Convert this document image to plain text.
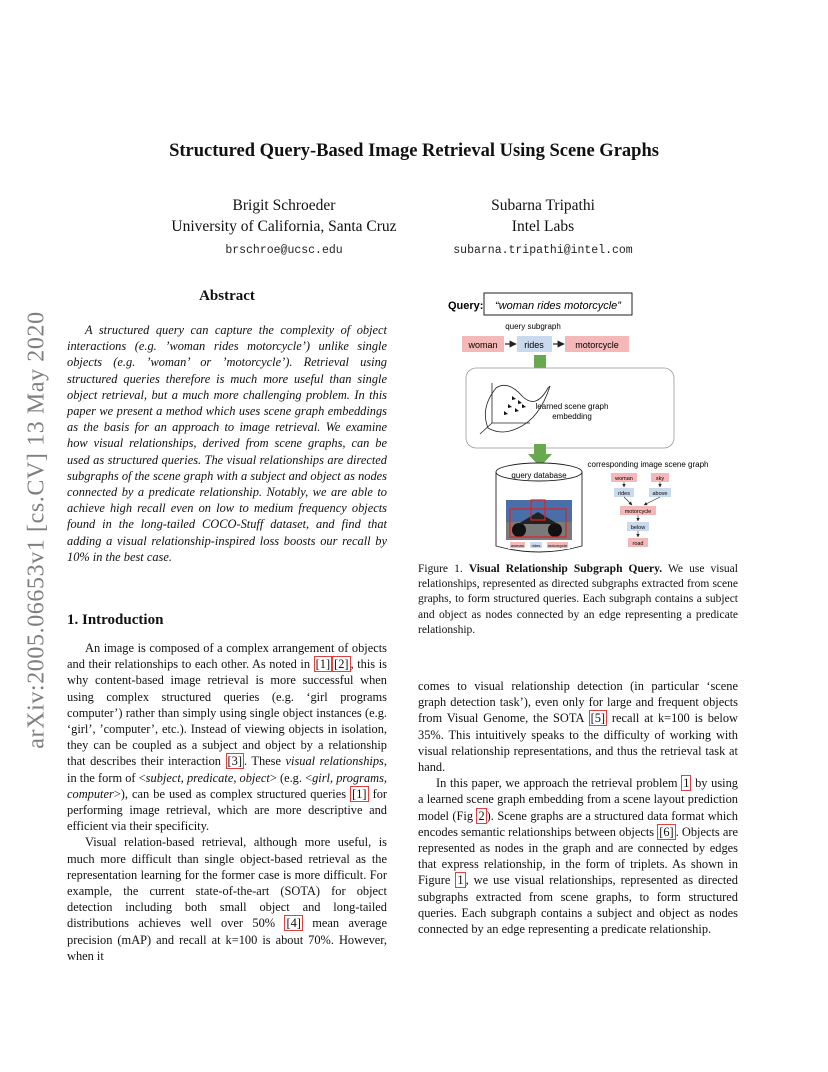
arXiv:2005.06653v1 [cs.CV] 13 May 2020
Structured Query-Based Image Retrieval Using Scene Graphs
Brigit Schroeder
University of California, Santa Cruz
brschroe@ucsc.edu
Subarna Tripathi
Intel Labs
subarna.tripathi@intel.com
Abstract

A structured query can capture the complexity of object interactions (e.g. ’woman rides motorcycle’) unlike single objects (e.g. ’woman’ or ’motorcycle’). Retrieval using structured queries therefore is much more useful than single object retrieval, but a much more challenging problem. In this paper we present a method which uses scene graph embeddings as the basis for an approach to image retrieval. We examine how visual relationships, derived from scene graphs, can be used as structured queries. The visual relationships are directed subgraphs of the scene graph with a subject and object as nodes connected by a predicate relationship. Notably, we are able to achieve high recall even on low to medium frequency objects found in the long-tailed COCO-Stuff dataset, and find that adding a visual relationship-inspired loss boosts our recall by 10% in the best case.

1. Introduction

An image is composed of a complex arrangement of objects and their relationships to each other. As noted in [1] [2] , this is why content-based image retrieval is more successful when using complex structured queries (e.g. ‘girl programs computer’) rather than simply using single object instances (e.g. ‘girl’, ’computer’, etc.). Instead of viewing objects in isolation, they can be coupled as a subject and object by a relationship that describes their interaction [3] . These visual relationships, in the form of <subject, predicate, object> (e.g. <girl, programs, computer>), can be used as complex structured queries [1] for performing image retrieval, which are more descriptive and efficient via their specificity.

Visual relation-based retrieval, although more useful, is much more difficult than single object-based retrieval as the representation learning for the former case is more difficult. For example, the current state-of-the-art (SOTA) for object detection including both small object and long-tailed distributions achieves well over 50% [4] mean average precision (mAP) and recall at k=100 is about 70%. However, when it

comes to visual relationship detection (in particular ‘scene graph detection task’), even only for large and frequent objects from Visual Genome, the SOTA [5] recall at k=100 is below 35%. This intuitively speaks to the difficulty of working with visual relationship representations, and thus the retrieval task at hand.

In this paper, we approach the retrieval problem 1 by using a learned scene graph embedding from a scene layout prediction model (Fig 2 ). Scene graphs are a structured data format which encodes semantic relationships between objects [6] . Objects are represented as nodes in the graph and are connected by edges that express relationship, in the form of triplets. As shown in Figure 1 , we use visual relationships, represented as directed subgraphs extracted from scene graphs, to form structured queries. Each subgraph contains a subject and object as nodes connected by an edge representing a predicate relationship.

Query: “woman rides motorcycle”
query subgraph
woman	rides	motorcycle
learned scene graph
embedding
query database
woman rides motorcycle
corresponding image scene graph
woman	sky
rides	above
motorcycle
below
road
Figure 1. Visual Relationship Subgraph Query. We use visual relationships, represented as directed subgraphs extracted from scene graphs, to form structured queries. Each subgraph contains a subject and object as nodes connected by an edge representing a predicate relationship.
